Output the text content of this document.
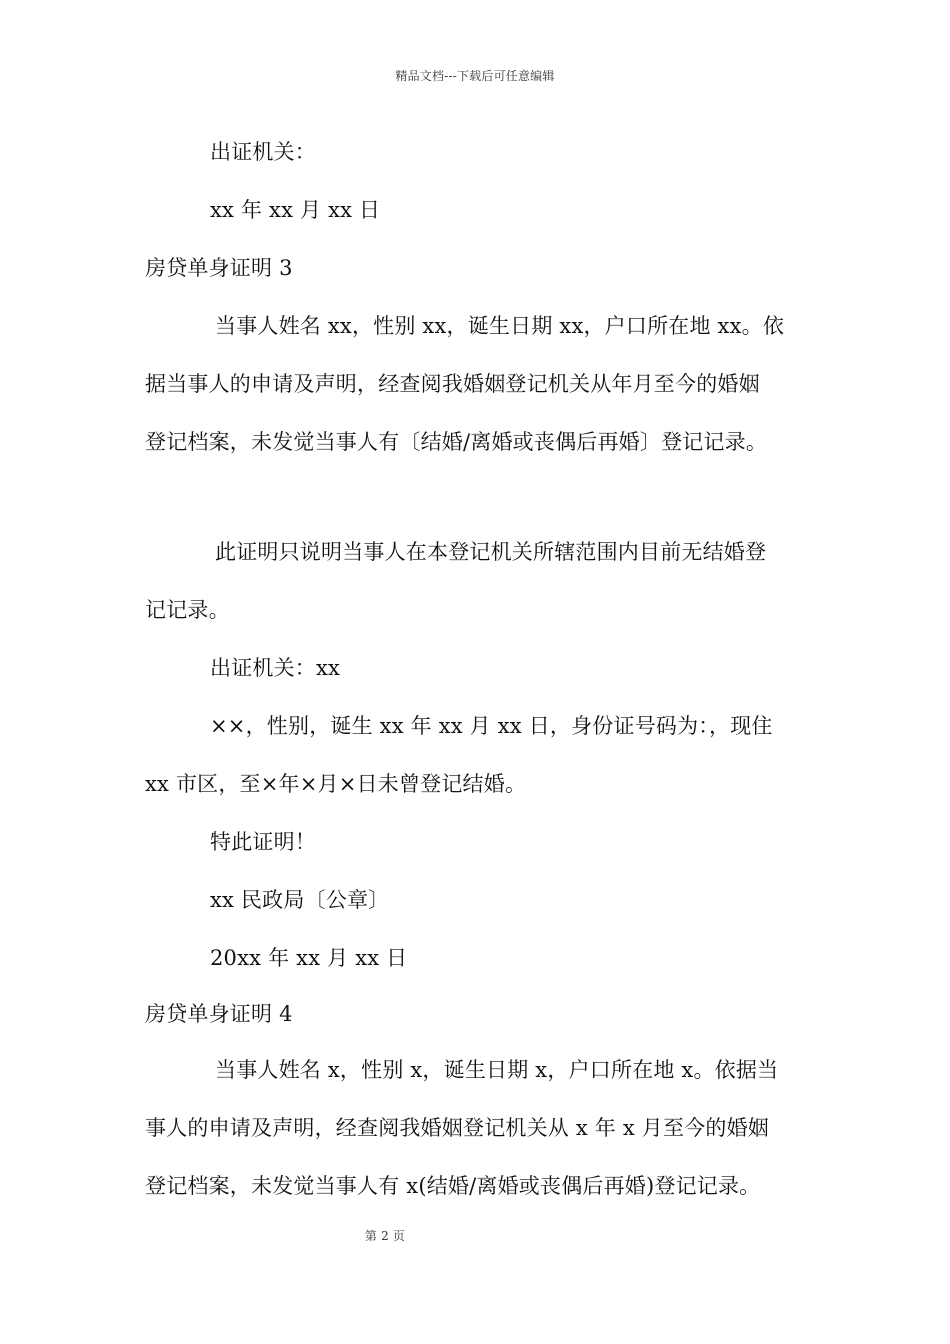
精品文档---下载后可任意编辑
出证机关：
xx 年 xx 月 xx 日
房贷单身证明 3
当事人姓名 xx，性别 xx，诞生日期 xx，户口所在地 xx。依
据当事人的申请及声明，经查阅我婚姻登记机关从年月至今的婚姻
登记档案，未发觉当事人有〔结婚/离婚或丧偶后再婚〕登记记录。
此证明只说明当事人在本登记机关所辖范围内目前无结婚登
记记录。
出证机关：xx
××，性别，诞生 xx 年 xx 月 xx 日，身份证号码为：，现住
xx 市区，至×年×月×日未曾登记结婚。
特此证明！
xx 民政局〔公章〕
20xx 年 xx 月 xx 日
房贷单身证明 4
当事人姓名 x，性别 x，诞生日期 x，户口所在地 x。依据当
事人的申请及声明，经查阅我婚姻登记机关从 x 年 x 月至今的婚姻
登记档案，未发觉当事人有 x(结婚/离婚或丧偶后再婚)登记记录。
第 2 页
